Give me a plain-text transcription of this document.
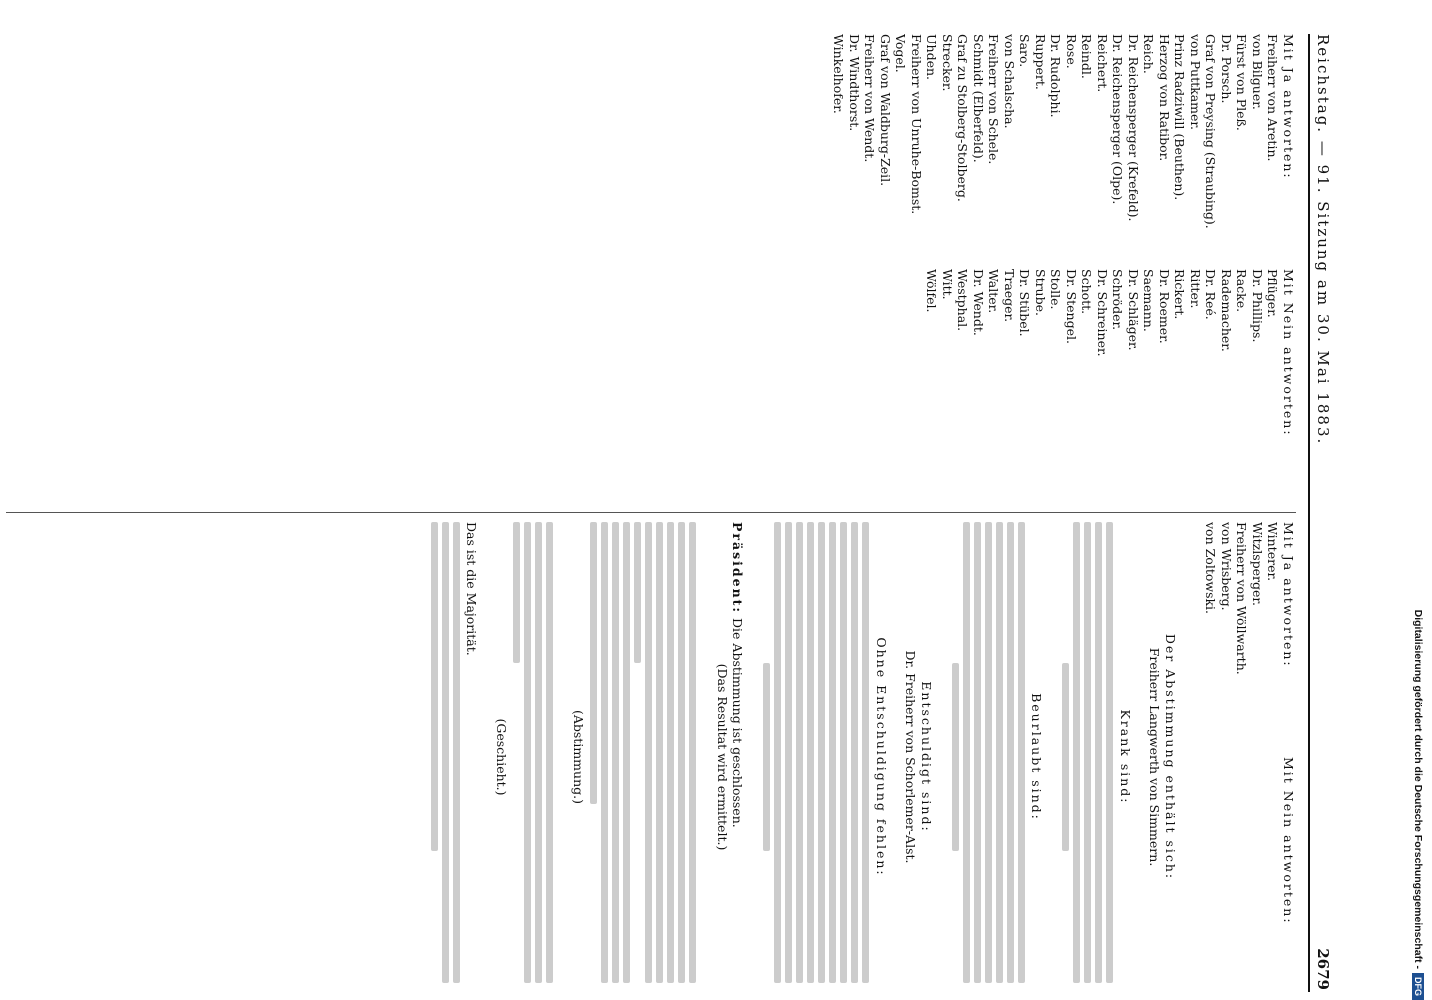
Reichstag. — 91. Sitzung am 30. Mai 1883.
2679
Mit Ja antworten:
Freiherr von Aretin.
von Bilguer.
Fürst von Pleß.
Dr. Porsch.
Graf von Preysing (Straubing).
von Puttkamer.
Prinz Radziwill (Beuthen).
Herzog von Ratibor.
Reich.
Dr. Reichensperger (Krefeld).
Dr. Reichensperger (Olpe).
Reichert.
Reindl.
Rose.
Dr. Rudolphi.
Ruppert.
Saro.
von Schalscha.
Freiherr von Schele.
Schmidt (Elberfeld).
Graf zu Stolberg-Stolberg.
Strecker.
Uhden.
Freiherr von Unruhe-Bomst.
Vogel.
Graf von Waldburg-Zeil.
Freiherr von Wendt.
Dr. Windthorst.
Winkelhofer.
Mit Nein antworten:
Pflüger.
Dr. Phillips.
Racke.
Rademacher.
Dr. Reé.
Ritter.
Rickert.
Dr. Roemer.
Saemann.
Dr. Schläger.
Schröder.
Dr. Schreiner.
Schott.
Dr. Stengel.
Stolle.
Strube.
Dr. Stübel.
Traeger.
Walter.
Dr. Wendt.
Westphal.
Witt.
Wölfel.
Mit Ja antworten:
Winterer.
Witzlsperger.
Freiherr von Wöllwarth.
von Wrisberg.
von Zoltowski.
Mit Nein antworten:
Der Abstimmung enthält sich:
Freiherr Langwerth von Simmern.
Krank sind:
Beurlaubt sind:
Entschuldigt sind:
Dr. Freiherr von Schorlemer-Alst.
Ohne Entschuldigung fehlen:
Präsident: Die Abstimmung ist geschlossen.
(Das Resultat wird ermittelt.)
(Abstimmung.)
(Geschieht.)
Das ist die Majorität.
Digitalisierung gefördert durch die Deutsche Forschungsgemeinschaft -DFG
